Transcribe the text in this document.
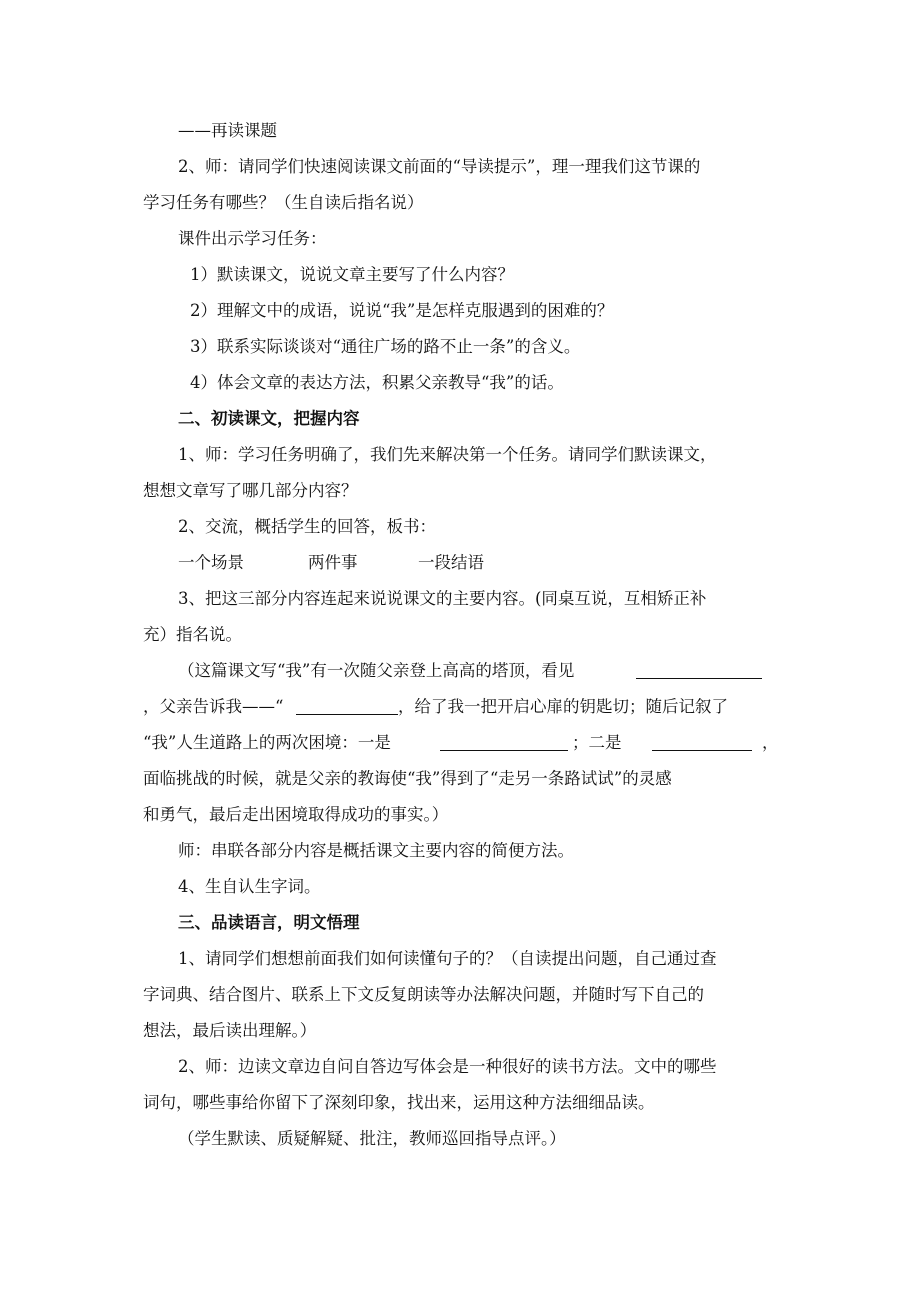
——再读课题
2、师：请同学们快速阅读课文前面的“导读提示”，理一理我们这节课的
学习任务有哪些？（生自读后指名说）
课件出示学习任务：
1）默读课文，说说文章主要写了什么内容？
2）理解文中的成语，说说“我”是怎样克服遇到的困难的？
3）联系实际谈谈对“通往广场的路不止一条”的含义。
4）体会文章的表达方法，积累父亲教导“我”的话。
二、初读课文，把握内容
1、师：学习任务明确了，我们先来解决第一个任务。请同学们默读课文，
想想文章写了哪几部分内容？
2、交流，概括学生的回答，板书：
一个场景	两件事	一段结语
3、把这三部分内容连起来说说课文的主要内容。(同桌互说，互相矫正补
充）指名说。
（这篇课文写“我”有一次随父亲登上高高的塔顶，看见
，父亲告诉我——“	，给了我一把开启心扉的钥匙切；随后记叙了
“我”人生道路上的两次困境：一是	；二是	，
面临挑战的时候，就是父亲的教诲使“我”得到了“走另一条路试试”的灵感
和勇气，最后走出困境取得成功的事实。）
师：串联各部分内容是概括课文主要内容的简便方法。
4、生自认生字词。
三、品读语言，明文悟理
1、请同学们想想前面我们如何读懂句子的？（自读提出问题，自己通过查
字词典、结合图片、联系上下文反复朗读等办法解决问题，并随时写下自己的
想法，最后读出理解。）
2、师：边读文章边自问自答边写体会是一种很好的读书方法。文中的哪些
词句，哪些事给你留下了深刻印象，找出来，运用这种方法细细品读。
（学生默读、质疑解疑、批注，教师巡回指导点评。）
